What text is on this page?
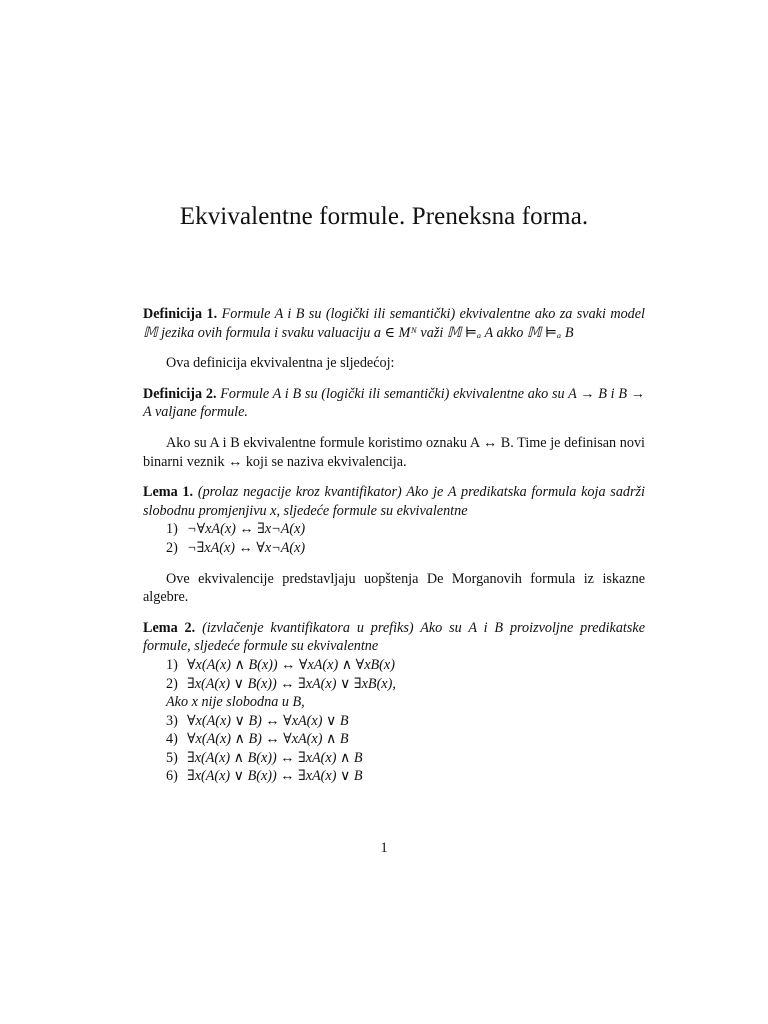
Ekvivalentne formule. Preneksna forma.

Definicija 1. Formule A i B su (logički ili semantički) ekvivalentne ako za svaki model 𝕄 jezika ovih formula i svaku valuaciju a ∈ Mᴺ važi 𝕄 ⊨ₐ A akko 𝕄 ⊨ₐ B

Ova definicija ekvivalentna je sljedećoj:

Definicija 2. Formule A i B su (logički ili semantički) ekvivalentne ako su A → B i B → A valjane formule.

Ako su A i B ekvivalentne formule koristimo oznaku A ↔ B. Time je definisan novi binarni veznik ↔ koji se naziva ekvivalencija.

Lema 1. (prolaz negacije kroz kvantifikator) Ako je A predikatska formula koja sadrži slobodnu promjenjivu x, sljedeće formule su ekvivalentne
1) ¬∀xA(x) ↔ ∃x¬A(x)
2) ¬∃xA(x) ↔ ∀x¬A(x)

Ove ekvivalencije predstavljaju uopštenja De Morganovih formula iz iskazne algebre.

Lema 2. (izvlačenje kvantifikatora u prefiks) Ako su A i B proizvoljne predikatske formule, sljedeće formule su ekvivalentne
1) ∀x(A(x) ∧ B(x)) ↔ ∀xA(x) ∧ ∀xB(x)
2) ∃x(A(x) ∨ B(x)) ↔ ∃xA(x) ∨ ∃xB(x),
Ako x nije slobodna u B,
3) ∀x(A(x) ∨ B) ↔ ∀xA(x) ∨ B
4) ∀x(A(x) ∧ B) ↔ ∀xA(x) ∧ B
5) ∃x(A(x) ∧ B(x)) ↔ ∃xA(x) ∧ B
6) ∃x(A(x) ∨ B(x)) ↔ ∃xA(x) ∨ B
1
